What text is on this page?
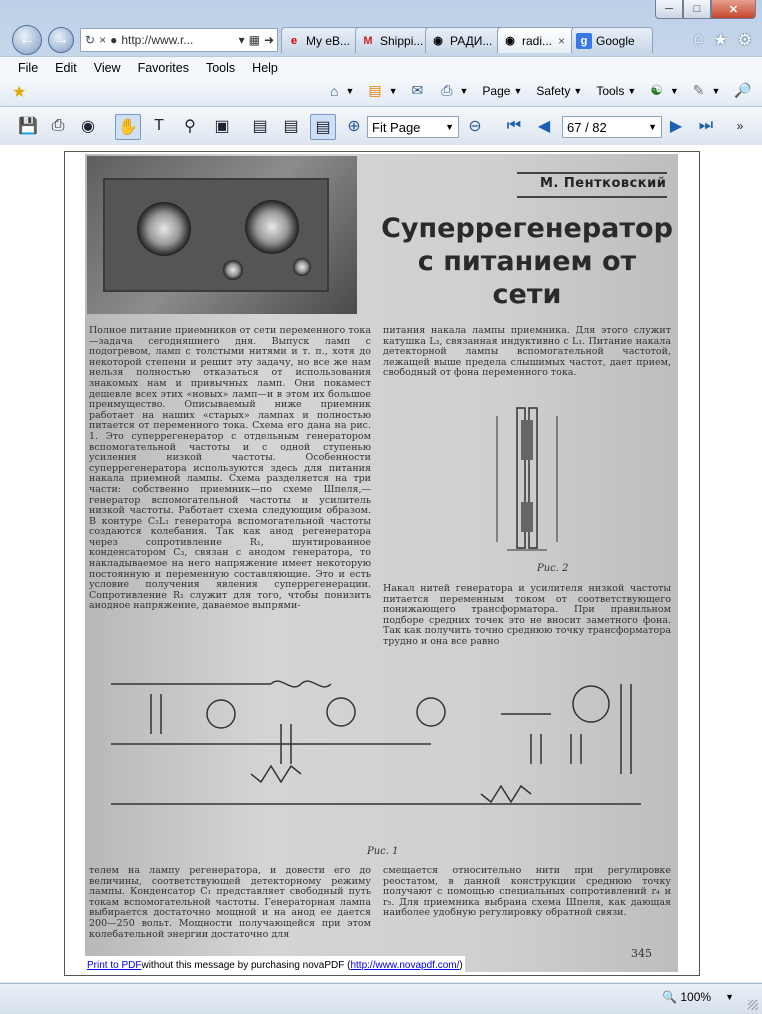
─	□	✕
← → ↻ × ● http://www.r...	▾ ▦ ➜	e My eB...	M Shippi... ◉ РАДИ... ◉ radi... ×	g Google	⌂ ★ ⚙
File Edit View Favorites Tools Help
★	⌂ ▼ ▤ ▼ ✉ ⎙ ▼ Page ▼ Safety ▼ Tools ▼ ☯ ▼ ✎ ▼ 🔎
💾 ⎙	◉	✋	T	⚲	▣ ▤ ▤	▤	⊕ Fit Page	▼ ⊖	⏮	◀	67 / 82	▼ ▶	⏭	»
М. Пентковский
Суперрегенератор
с питанием от
сети
Полное питание приемников от сети переменного тока—задача сегодняшнего дня. Выпуск ламп с подогревом, ламп с толстыми нитями и т. п., хотя до некоторой степени и решит эту задачу, но все же нам нельзя полностью отказаться от использования знакомых нам и привычных ламп. Они покамест дешевле всех этих «новых» ламп—и в этом их большое преимущество. Описываемый ниже приемник работает на наших «старых» лампах и полностью питается от переменного тока. Схема его дана на рис. 1. Это суперрегенератор с отдельным генератором вспомогательной частоты и с одной ступенью усиления низкой частоты. Особенности суперрегенератора используются здесь для питания накала приемной лампы. Схема разделяется на три части: собственно приемник—по схеме Шпеля,—генератор вспомогательной частоты и усилитель низкой частоты. Работает схема следующим образом. В контуре C₂L₁ генератора вспомогательной частоты создаются колебания. Так как анод регенератора через сопротивление R₁, шунтированное конденсатором C₃, связан с анодом генератора, то накладываемое на него напряжение имеет некоторую постоянную и переменную составляющие. Это и есть условие получения явления суперрегенерации. Сопротивление R₁ служит для того, чтобы понизить анодное напряжение, даваемое выпрями-
питания накала лампы приемника. Для этого служит катушка L₃, связанная индуктивно с L₁. Питание накала детекторной лампы вспомогательной частотой, лежащей выше предела слышимых частот, дает прием, свободный от фона переменного тока.
Рис. 2
Накал нитей генератора и усилителя низкой частоты питается переменным током от соответствующего понижающего трансформатора. При правильном подборе средних точек это не вносит заметного фона. Так как получить точно среднюю точку трансформатора трудно и она все равно
Рис. 1
телем на лампу регенератора, и довести его до величины, соответствующей детекторному режиму лампы. Конденсатор C₁ представляет свободный путь токам вспомогательной частоты. Генераторная лампа выбирается достаточно мощной и на анод ее дается 200—250 вольт. Мощности получающейся при этом колебательной энергии достаточно для
смещается относительно нити при регулировке реостатом, в данной конструкции среднюю точку получают с помощью специальных сопротивлений r₄ и r₅. Для приемника выбрана схема Шпеля, как дающая наиболее удобную регулировку обратной связи.
345
Print to PDF without this message by purchasing novaPDF ( http://www.novapdf.com/ )
🔍 100% ▼
